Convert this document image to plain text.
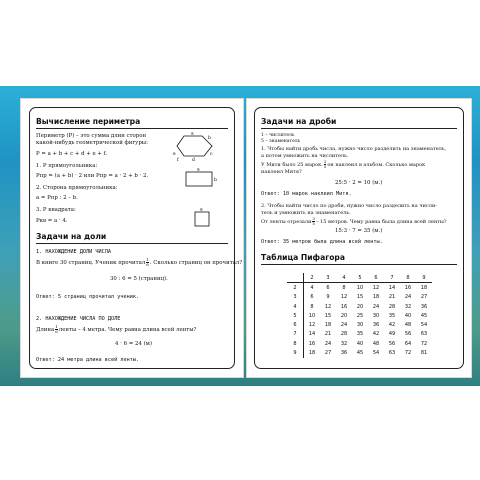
Вычисление периметра
Периметр (P) – это сумма длин сторон
какой-нибудь геометрической фигуры:
P = a + b + c + d + e + f.
a
b
c
d
e
f
1. P прямоугольника:
Pпр = (a + b) · 2 или Pпр = a · 2 + b · 2.
2. Сторона прямоугольника:
a = Pпр : 2 – b.
a
b
3. P квадрата:
Pкв = a · 4.
a
Задачи на доли
1. НАХОЖДЕНИЕ ДОЛИ ЧИСЛА
В книге 30 страниц. Ученик прочитал $\frac{1}{6}$ . Сколько страниц он прочитал?
30 : 6 = 5 (страниц).
Ответ: 5 страниц прочитал ученик.
2. НАХОЖДЕНИЕ ЧИСЛА ПО ДОЛЕ
Длина $\frac{1}{6}$ ленты – 4 метра. Чему равна длина всей ленты?
4 · 6 = 24 (м)
Ответ: 24 метра длина всей ленты.
Задачи на дроби
1 – числитель
5 – знаменатель
1. Чтобы найти дробь числа, нужно число разделить на знаменатель,
а потом умножить на числитель.
У Мити было 25 марок. $\frac{2}{5}$ он наклеил в альбом. Сколько марок
наклеил Митя?
25:5 · 2 = 10 (м.)
Ответ: 10 марок наклеил Митя.
2. Чтобы найти число по дроби, нужно число разделить на числи-
тель и умножить на знаменатель.
От ленты отрезали $\frac{3}{5} - 15$ метров. Чему равна была длина всей ленты?
15:3 · 7 = 35 (м.)
Ответ: 35 метров была длина всей ленты.
Таблица Пифагора
	2	3	4	5	6	7	8	9
2	4	6	8	10	12	14	16	18
3	6	9	12	15	18	21	24	27
4	8	12	16	20	24	28	32	36
5	10	15	20	25	30	35	40	45
6	12	18	24	30	36	42	48	54
7	14	21	28	35	42	49	56	63
8	16	24	32	40	48	56	64	72
9	18	27	36	45	54	63	72	81
